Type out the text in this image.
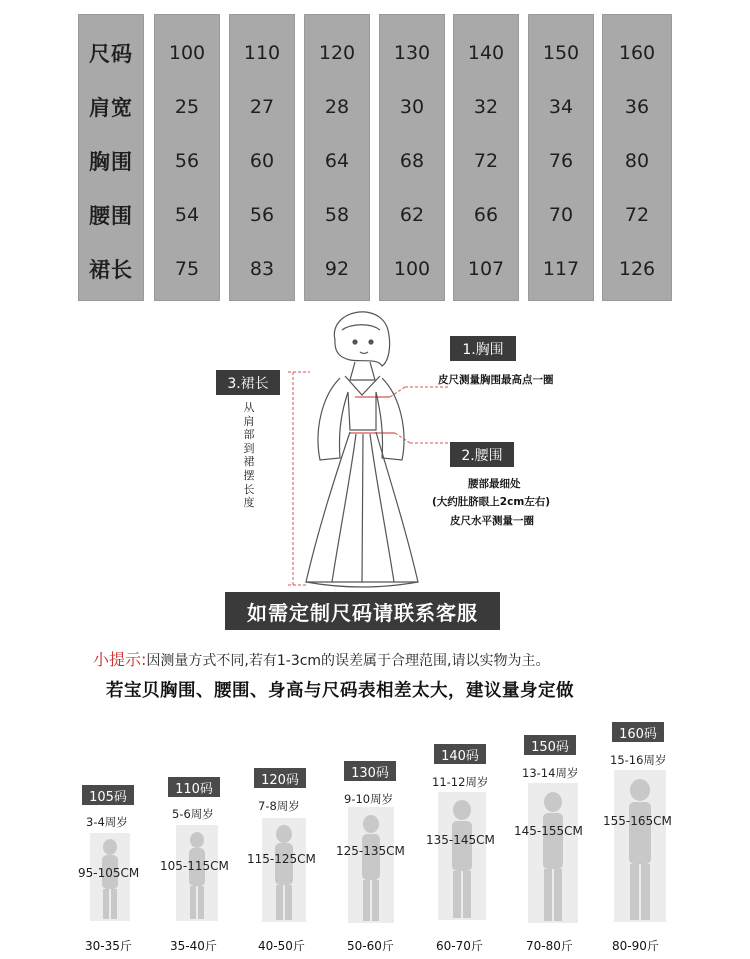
尺码
肩宽
胸围
腰围
裙长
100
25
56
54
75
110
27
60
56
83
120
28
64
58
92
130
30
68
62
100
140
32
72
66
107
150
34
76
70
117
160
36
80
72
126
1.胸围
皮尺测量胸围最高点一圈
2.腰围
腰部最细处
(大约肚脐眼上2cm左右)
皮尺水平测量一圈
3.裙长
从
肩
部
到
裙
摆
长
度
如需定制尺码请联系客服
小提示:因测量方式不同,若有1-3cm的误差属于合理范围,请以实物为主。
若宝贝胸围、腰围、身高与尺码表相差太大，建议量身定做
105码
3-4周岁
95-105CM
30-35斤
110码
5-6周岁
105-115CM
35-40斤
120码
7-8周岁
115-125CM
40-50斤
130码
9-10周岁
125-135CM
50-60斤
140码
11-12周岁
135-145CM
60-70斤
150码
13-14周岁
145-155CM
70-80斤
160码
15-16周岁
155-165CM
80-90斤
